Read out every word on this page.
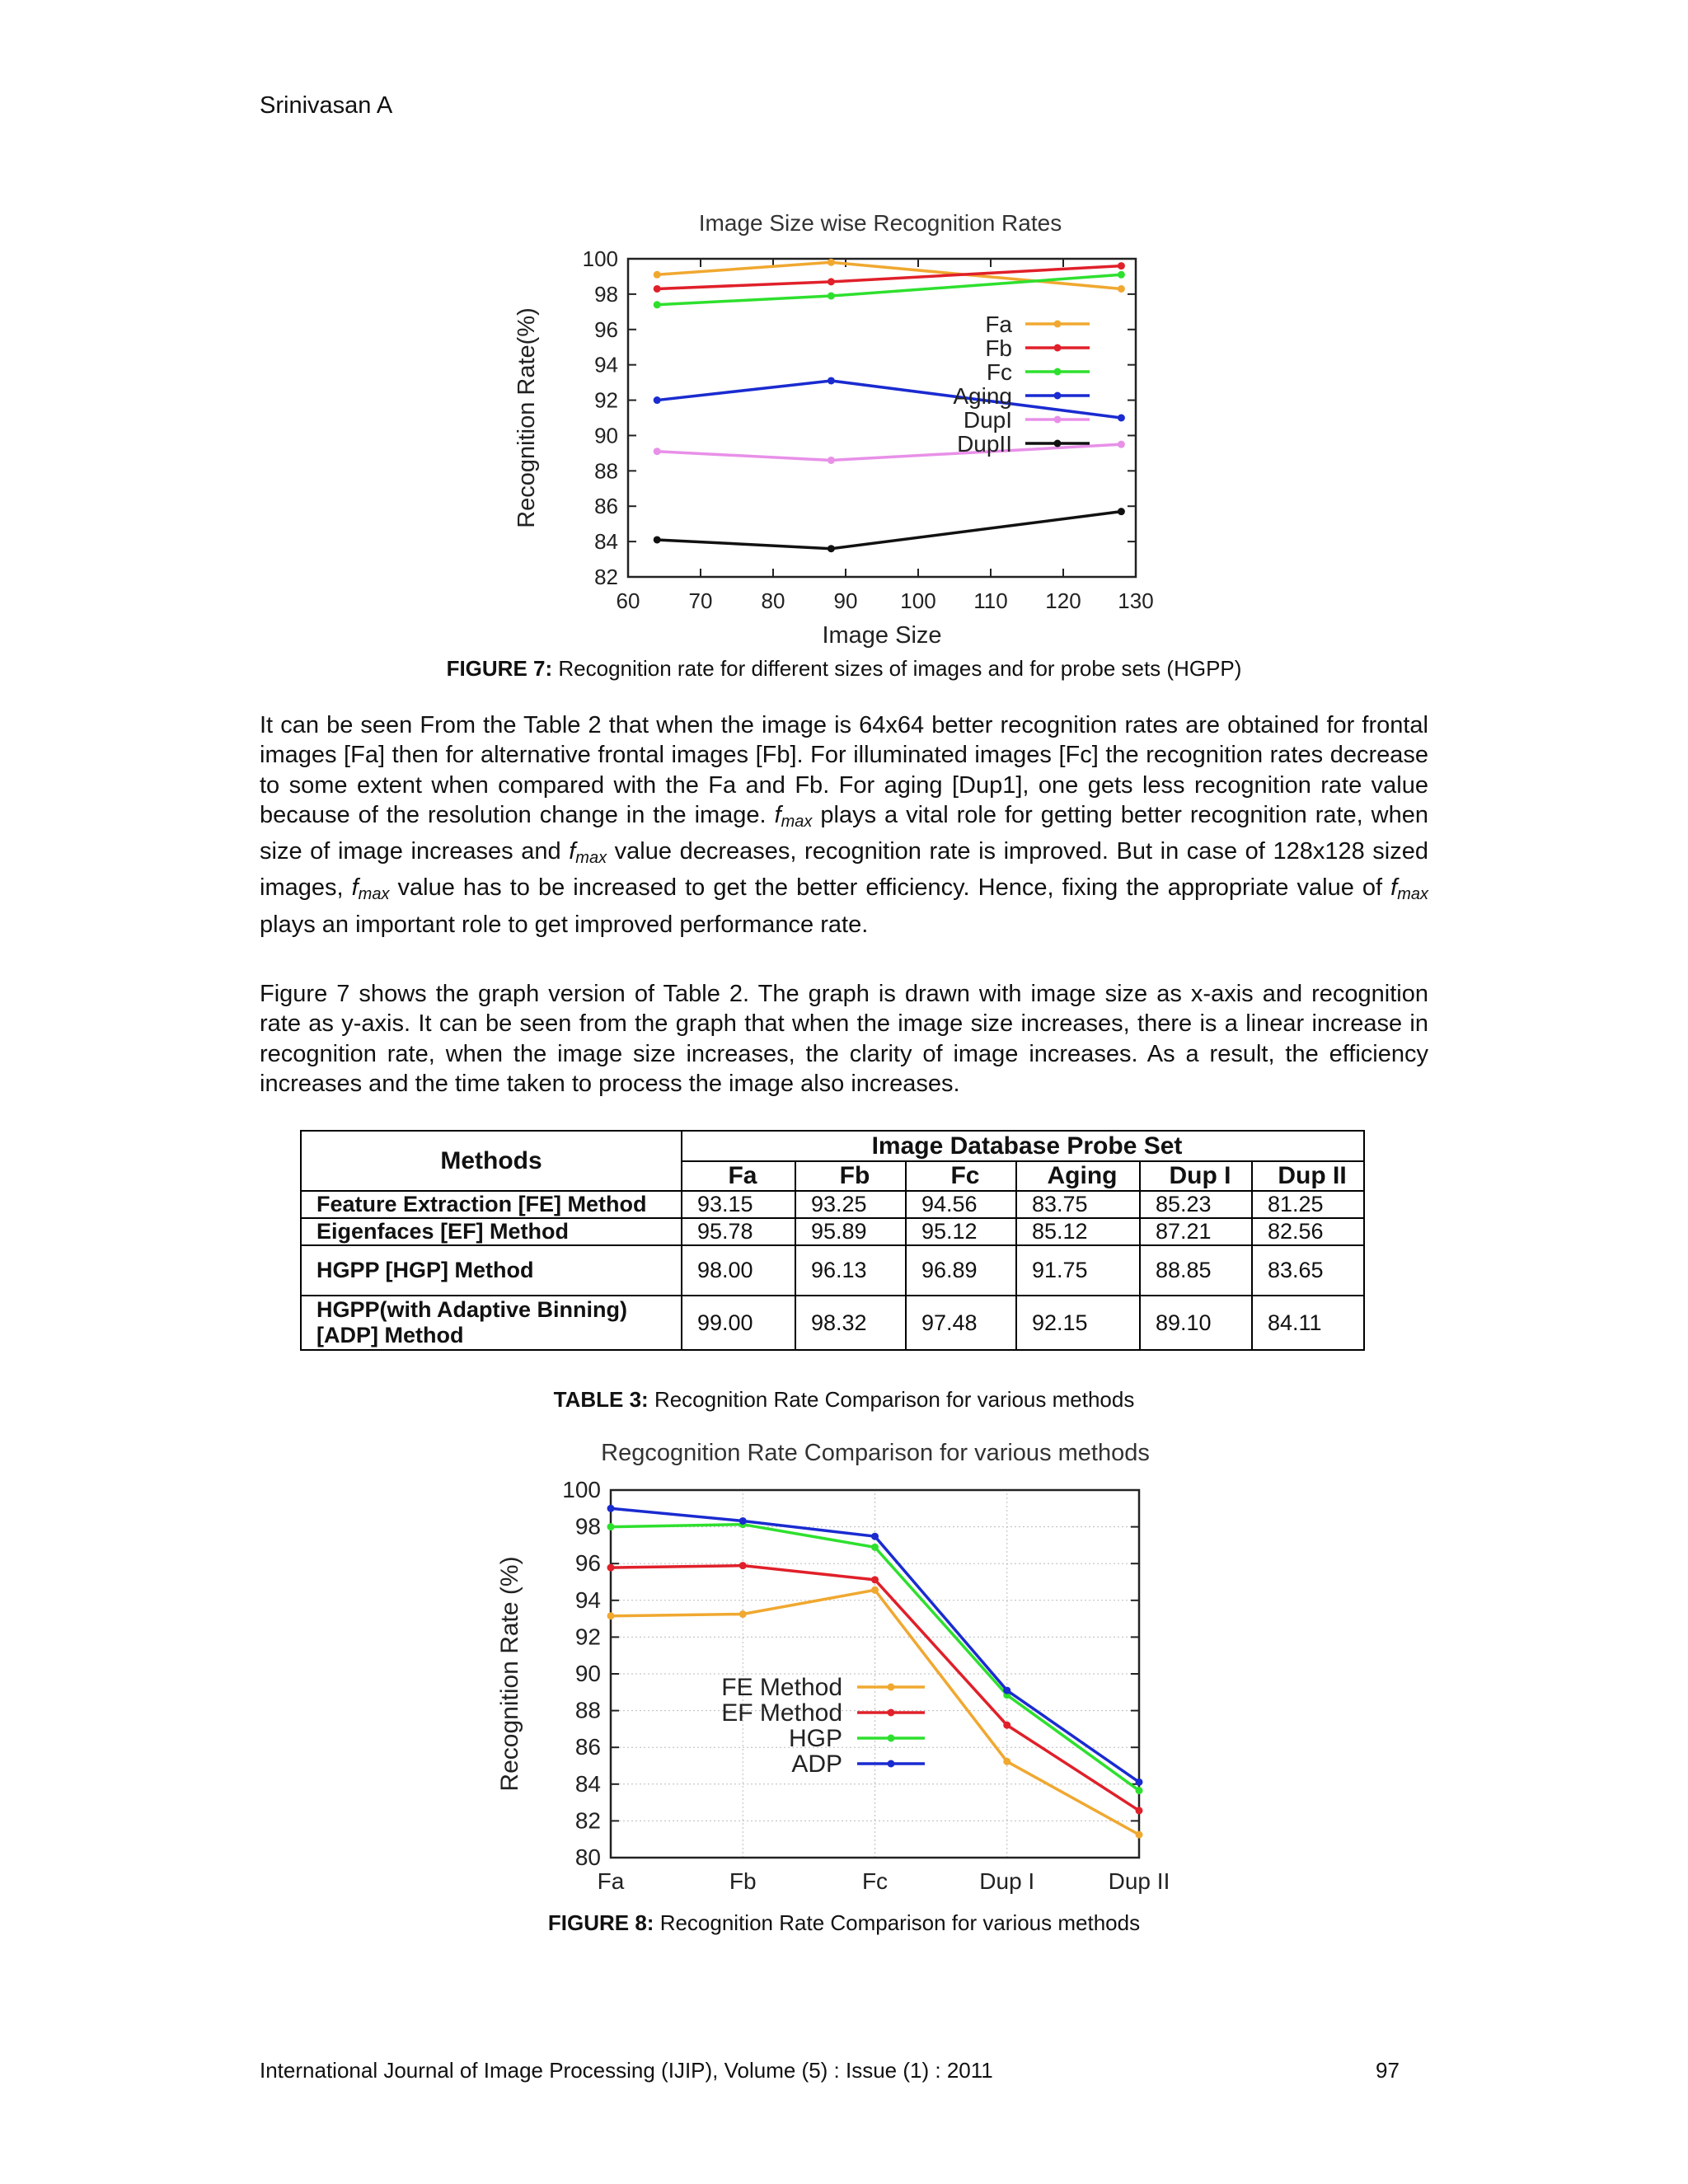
Srinivasan A
Image Size wise Recognition Rates
82
84
86
88
90
92
94
96
98
100
60 70 80 90 100 110 120 130
Image Size
Recognition Rate(%)	Fa
Fb
Fc
Aging
DupI
DupII
FIGURE 7: Recognition rate for different sizes of images and for probe sets (HGPP)
It can be seen From the Table 2 that when the image is 64x64 better recognition rates are obtained for frontal images [Fa] then for alternative frontal images [Fb]. For illuminated images [Fc] the recognition rates decrease to some extent when compared with the Fa and Fb. For aging [Dup1], one gets less recognition rate value because of the resolution change in the image. $f_{max}$ plays a vital role for getting better recognition rate, when size of image increases and $f_{max}$ value decreases, recognition rate is improved. But in case of 128x128 sized images, $f_{max}$ value has to be increased to get the better efficiency. Hence, fixing the appropriate value of $f_{max}$ plays an important role to get improved performance rate.
Figure 7 shows the graph version of Table 2. The graph is drawn with image size as x-axis and recognition rate as y-axis. It can be seen from the graph that when the image size increases, there is a linear increase in recognition rate, when the image size increases, the clarity of image increases. As a result, the efficiency increases and the time taken to process the image also increases.
Methods	Image Database Probe Set					
	Fa	Fb	Fc	Aging	Dup I	Dup II
Feature Extraction [FE] Method	93.15	93.25	94.56	83.75	85.23	81.25
Eigenfaces [EF] Method	95.78	95.89	95.12	85.12	87.21	82.56
HGPP [HGP] Method	98.00	96.13	96.89	91.75	88.85	83.65

HGPP(with Adaptive Binning)
[ADP] Method	99.00	98.32	97.48	92.15	89.10	84.11
TABLE 3: Recognition Rate Comparison for various methods
Regcognition Rate Comparison for various methods
80
82
84
86
88
90
92
94
96
98
100
Fa	Fb	Fc	Dup I	Dup II
Recognition Rate (%)	FE Method
EF Method
HGP
ADP
FIGURE 8: Recognition Rate Comparison for various methods
International Journal of Image Processing (IJIP), Volume (5) : Issue (1) : 2011	97
